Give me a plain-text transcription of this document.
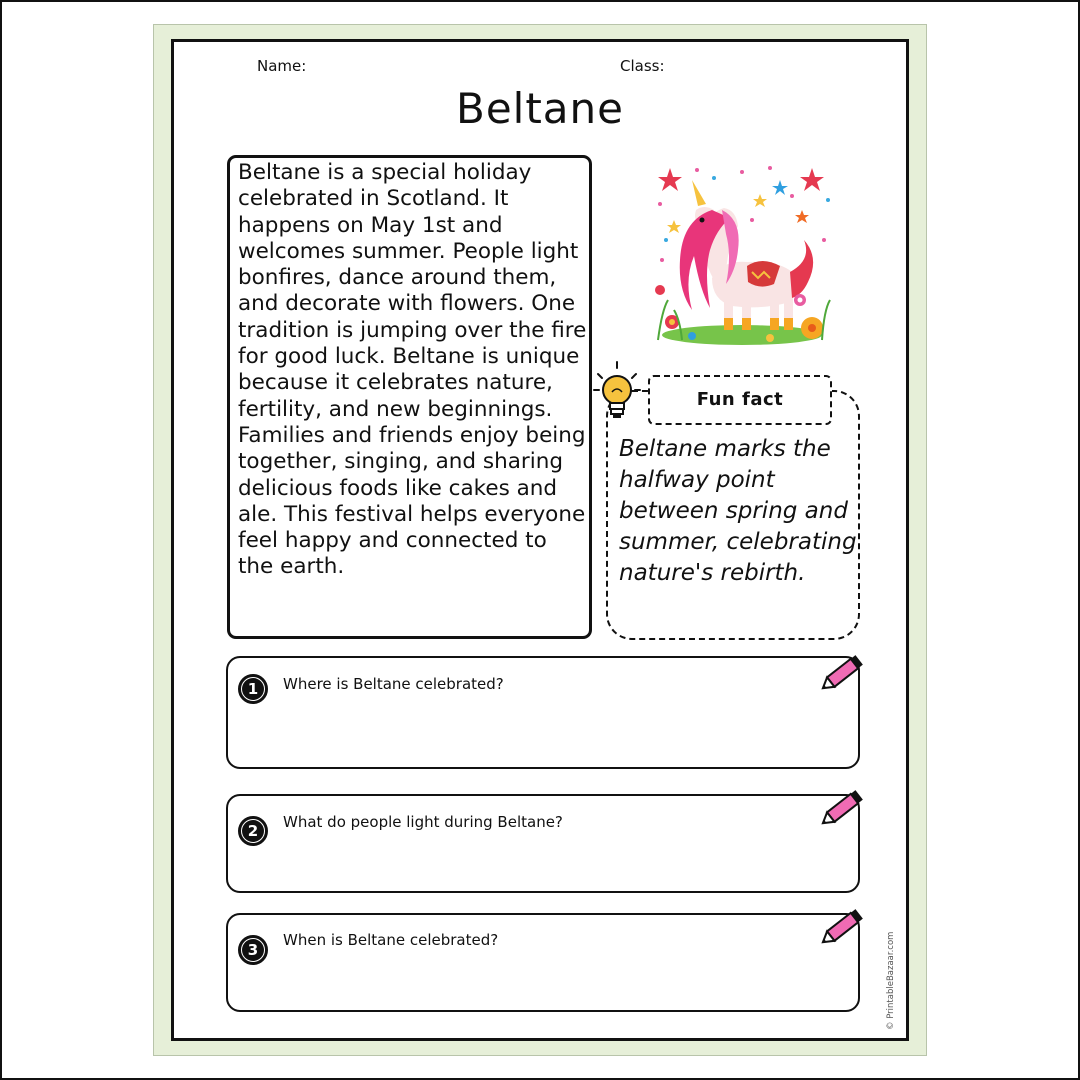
Name:	Class:
Beltane
Beltane is a special holiday celebrated in Scotland. It happens on May 1st and welcomes summer. People light bonfires, dance around them, and decorate with flowers. One tradition is jumping over the fire for good luck. Beltane is unique because it celebrates nature, fertility, and new beginnings. Families and friends enjoy being together, singing, and sharing delicious foods like cakes and ale. This festival helps everyone feel happy and connected to the earth.
Fun fact
Beltane marks the halfway point between spring and summer, celebrating nature's rebirth.
1	Where is Beltane celebrated?
2	What do people light during Beltane?
3
When is Beltane celebrated?	© PrintableBazaar.com
